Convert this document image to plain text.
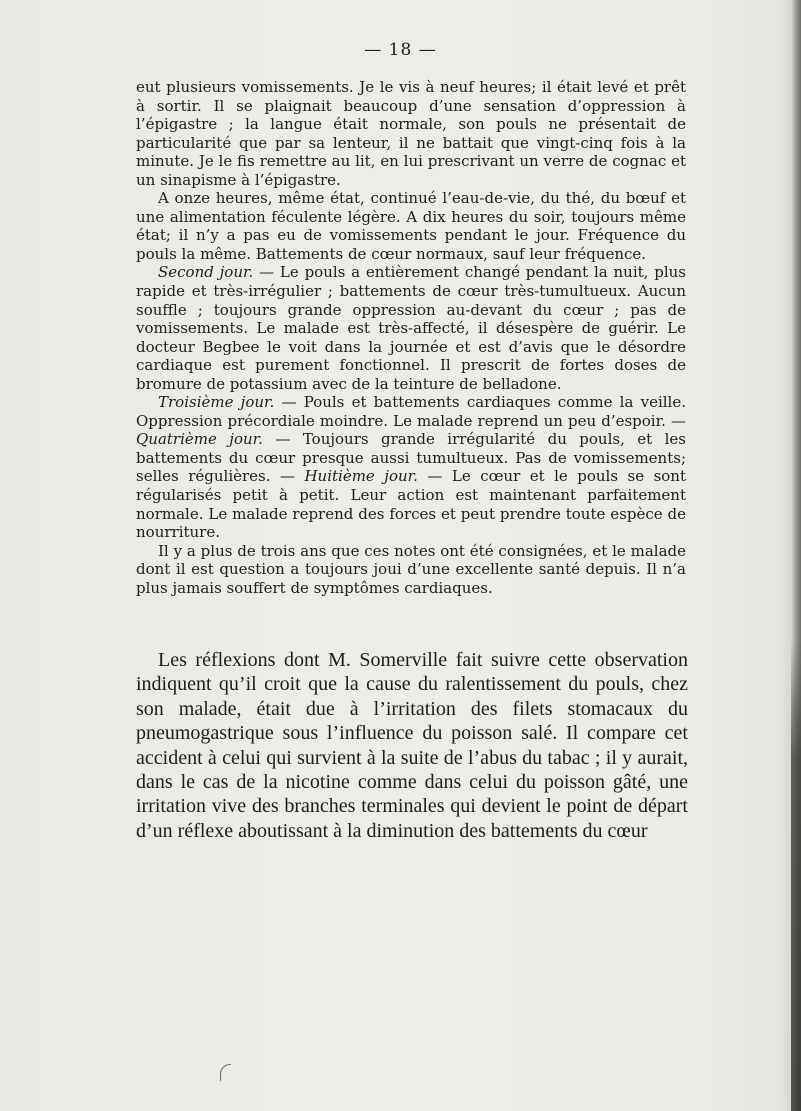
— 18 —

eut plusieurs vomissements. Je le vis à neuf heures; il était levé et prêt à sortir. Il se plaignait beaucoup d’une sensation d’oppression à l’épigastre ; la langue était normale, son pouls ne présentait de particularité que par sa lenteur, il ne battait que vingt-cinq fois à la minute. Je le fis remettre au lit, en lui prescrivant un verre de cognac et un sinapisme à l’épigastre.

A onze heures, même état, continué l’eau-de-vie, du thé, du bœuf et une alimentation féculente légère. A dix heures du soir, toujours même état; il n’y a pas eu de vomissements pendant le jour. Fréquence du pouls la même. Battements de cœur normaux, sauf leur fréquence.

Second jour. — Le pouls a entièrement changé pendant la nuit, plus rapide et très-irrégulier ; battements de cœur très-tumultueux. Aucun souffle ; toujours grande oppression au-devant du cœur ; pas de vomissements. Le malade est très-affecté, il désespère de guérir. Le docteur Begbee le voit dans la journée et est d’avis que le désordre cardiaque est purement fonctionnel. Il prescrit de fortes doses de bromure de potassium avec de la teinture de belladone.

Troisième jour. — Pouls et battements cardiaques comme la veille. Oppression précordiale moindre. Le malade reprend un peu d’espoir. — Quatrième jour. — Toujours grande irrégularité du pouls, et les battements du cœur presque aussi tumultueux. Pas de vomissements; selles régulières. — Huitième jour. — Le cœur et le pouls se sont régularisés petit à petit. Leur action est maintenant parfaitement normale. Le malade reprend des forces et peut prendre toute espèce de nourriture.

Il y a plus de trois ans que ces notes ont été consignées, et le malade dont il est question a toujours joui d’une excellente santé depuis. Il n’a plus jamais souffert de symptômes cardiaques.

Les réflexions dont M. Somerville fait suivre cette observation indiquent qu’il croit que la cause du ralentissement du pouls, chez son malade, était due à l’irritation des filets stomacaux du pneumogastrique sous l’influence du poisson salé. Il compare cet accident à celui qui survient à la suite de l’abus du tabac ; il y aurait, dans le cas de la nicotine comme dans celui du poisson gâté, une irritation vive des branches terminales qui devient le point de départ d’un réflexe aboutissant à la diminution des battements du cœur
